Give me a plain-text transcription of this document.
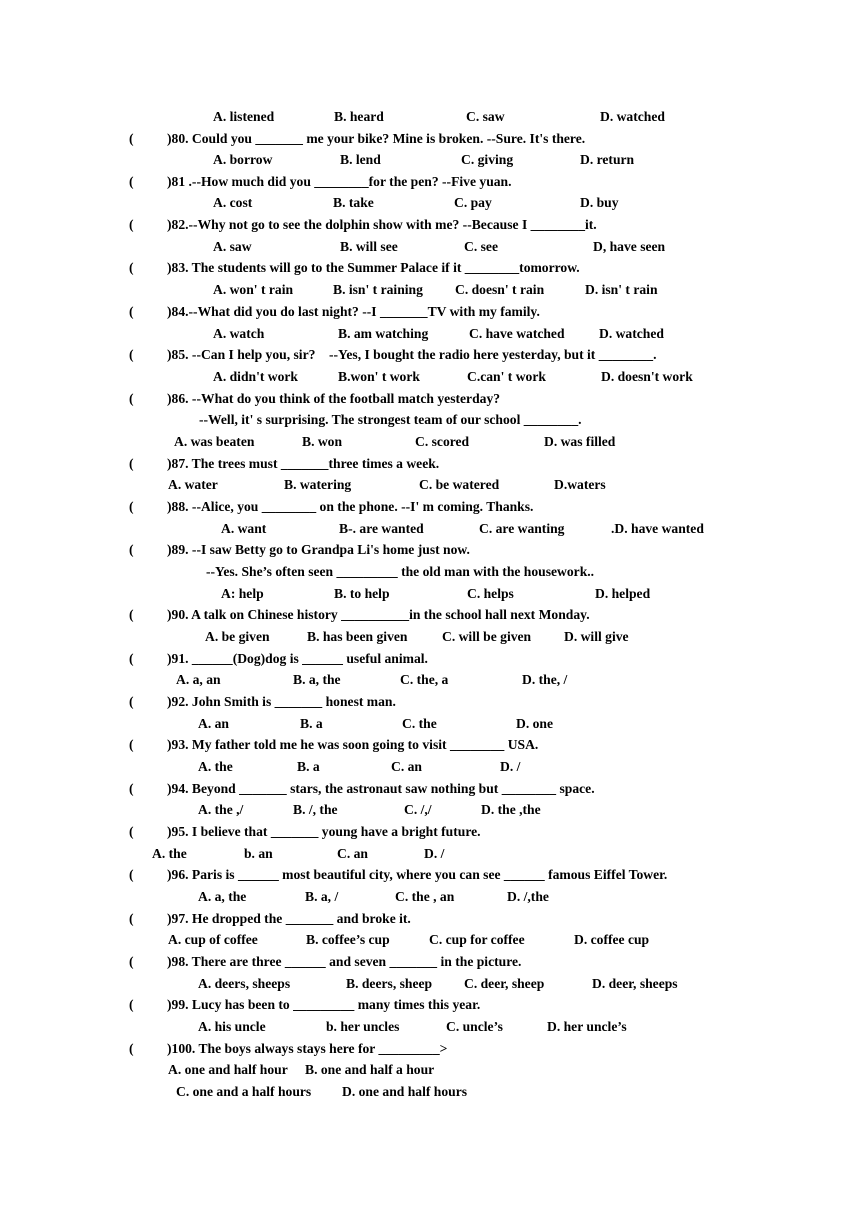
A. listened	B. heard	C. saw	D. watched
( )80. Could you _______ me your bike? Mine is broken. --Sure. It's there.
A. borrow	B. lend	C. giving	D. return
( )81 .--How much did you ________for the pen? --Five yuan.
A. cost	B. take	C. pay	D. buy
( )82.--Why not go to see the dolphin show with me? --Because I ________it.
A. saw	B. will see	C. see	D, have seen
( )83. The students will go to the Summer Palace if it ________tomorrow.
A. won' t rain	B. isn' t raining C. doesn' t rain	D. isn' t rain
( )84.--What did you do last night? --I _______TV with my family.
A. watch	B. am watching	C. have watched	D. watched
( )85. --Can I help you, sir?    --Yes, I bought the radio here yesterday, but it ________.
A. didn't work	B.won' t work	C.can' t work	D. doesn't work
( )86. --What do you think of the football match yesterday?
--Well, it' s surprising. The strongest team of our school ________.
A. was beaten	B. won	C. scored	D. was filled
( )87. The trees must _______three times a week.
A. water	B. watering	C. be watered	D.waters
( )88. --Alice, you ________ on the phone. --I' m coming. Thanks.
A. want	B-. are wanted	C. are wanting	.D. have wanted
( )89. --I saw Betty go to Grandpa Li's home just now.
--Yes. She’s often seen _________ the old man with the housework..
A: help	B. to help	C. helps	D. helped
( )90. A talk on Chinese history __________in the school hall next Monday.
A. be given	B. has been given	C. will be given D. will give
( )91. ______(Dog)dog is ______ useful animal.
A. a, an	B. a, the	C. the, a	D. the, /
( )92. John Smith is _______ honest man.
A. an	B. a	C. the	D. one
( )93. My father told me he was soon going to visit ________ USA.
A. the	B. a	C. an	D. /
( )94. Beyond _______ stars, the astronaut saw nothing but ________ space.
A. the ,/	B. /, the	C. /,/	D. the ,the
( )95. I believe that _______ young have a bright future.
A. the	b. an	C. an	D. /
( )96. Paris is ______ most beautiful city, where you can see ______ famous Eiffel Tower.
A. a, the	B. a, /	C. the , an	D. /,the
( )97. He dropped the _______ and broke it.
A. cup of coffee	B. coffee’s cup	C. cup for coffee	D. coffee cup
( )98. There are three ______ and seven _______ in the picture.
A. deers, sheeps	B. deers, sheep C. deer, sheep	D. deer, sheeps
( )99. Lucy has been to _________ many times this year.
A. his uncle	b. her uncles	C. uncle’s	D. her uncle’s
( )100. The boys always stays here for _________>
A. one and half hour B. one and half a hour
C. one and a half hours D. one and half hours
